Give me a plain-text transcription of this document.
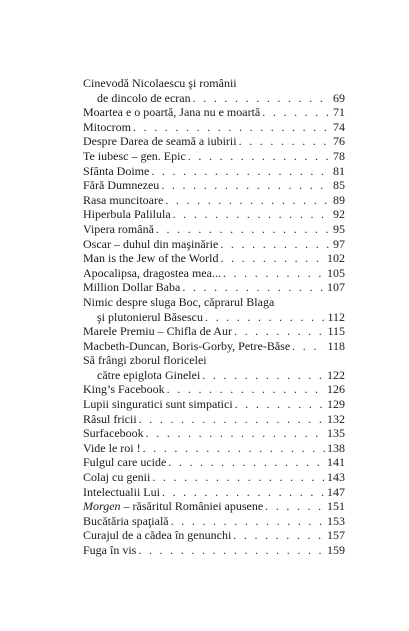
Cinevodă Nicolaescu şi românii
de dincolo de ecran . . .	69
Moartea e o poartă, Jana nu e moartă . . .	71
Mitocrom . . .	74
Despre Darea de seamă a iubirii . . .	76
Te iubesc – gen. Epic . . .	78
Sfânta Doime . . .	81
Fără Dumnezeu . . .	85
Rasa muncitoare . . .	89
Hiperbula Palilula . . .	92
Vipera română . . .	95
Oscar – duhul din maşinărie . . .	97
Man is the Jew of the World . . .	102
Apocalipsa, dragostea mea... . . .	105
Million Dollar Baba . . .	107
Nimic despre sluga Boc, căprarul Blaga
şi plutonierul Băsescu . . .	112
Marele Premiu – Chifla de Aur . . .	115
Macbeth-Duncan, Boris-Gorby, Petre-Băse . . .	118
Să frângi zborul floricelei
către epiglota Ginelei . . .	122
King’s Facebook . . .	126
Lupii singuratici sunt simpatici . . .	129
Râsul fricii . . .	132
Surfacebook . . .	135
Vide le roi ! . . .	138
Fulgul care ucide . . .	141
Colaj cu genii . . .	143
Intelectualii Lui . . .	147
Morgen – răsăritul României apusene . . .	151
Bucătăria spaţială . . .	153
Curajul de a cădea în genunchi . . .	157
Fuga în vis . . .	159
